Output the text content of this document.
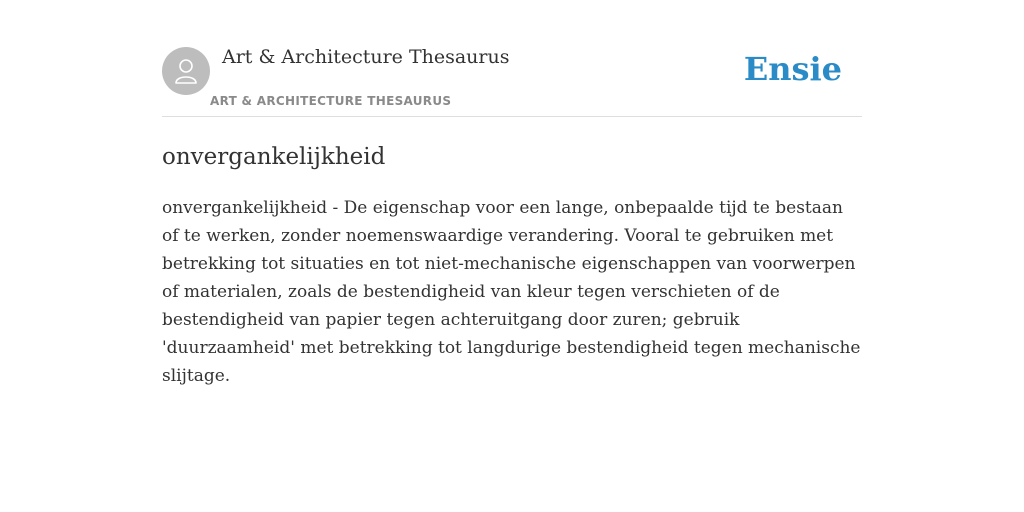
Art & Architecture Thesaurus
ART & ARCHITECTURE THESAURUS
Ensie
onvergankelijkheid

onvergankelijkheid - De eigenschap voor een lange, onbepaalde tijd te bestaan of te werken, zonder noemenswaardige verandering. Vooral te gebruiken met betrekking tot situaties en tot niet-mechanische eigenschappen van voorwerpen of materialen, zoals de bestendigheid van kleur tegen verschieten of de bestendigheid van papier tegen achteruitgang door zuren; gebruik 'duurzaamheid' met betrekking tot langdurige bestendigheid tegen mechanische slijtage.
